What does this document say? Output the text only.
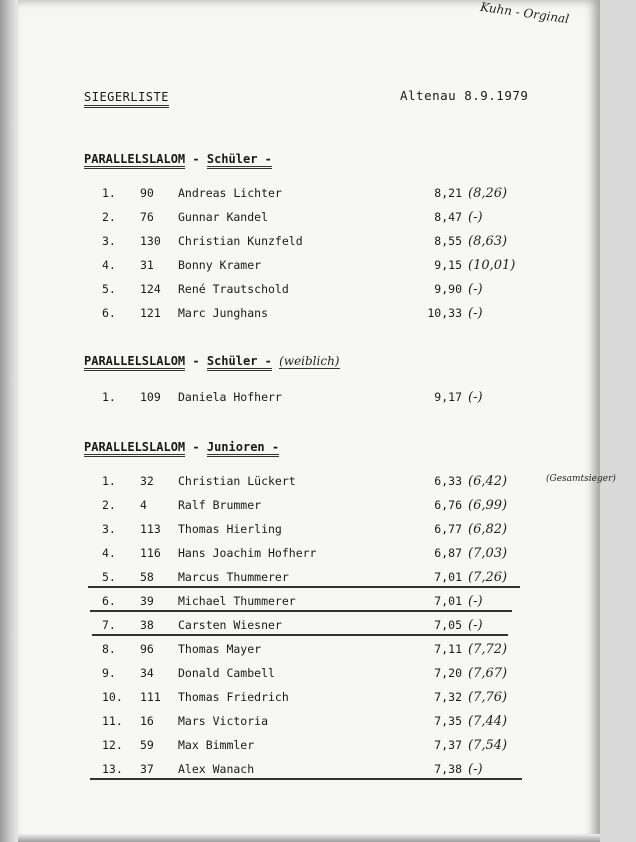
Kuhn - Orginal
SIEGERLISTE	Altenau 8.9.1979
PARALLELSLALOM - Schüler -
1.	90	Andreas Lichter	8,21 (8,26)
2.	76	Gunnar Kandel	8,47 (-)
3.	130	Christian Kunzfeld	8,55 (8,63)
4.	31	Bonny Kramer	9,15 (10,01)
5.	124	René Trautschold	9,90 (-)
6.	121	Marc Junghans	10,33 (-)
PARALLELSLALOM - Schüler - (weiblich)
1.	109	Daniela Hofherr	9,17 (-)
PARALLELSLALOM - Junioren -
1.	32	Christian Lückert	6,33 (6,42)	(Gesamtsieger)
2.	4	Ralf Brummer	6,76 (6,99)
3.	113	Thomas Hierling	6,77 (6,82)
4.	116	Hans Joachim Hofherr	6,87 (7,03)
5.	58	Marcus Thummerer	7,01 (7,26)
6.	39	Michael Thummerer	7,01 (-)
7.	38	Carsten Wiesner	7,05 (-)
8.	96	Thomas Mayer	7,11 (7,72)
9.	34	Donald Cambell	7,20 (7,67)
10.	111	Thomas Friedrich	7,32 (7,76)
11.	16	Mars Victoria	7,35 (7,44)
12.	59	Max Bimmler	7,37 (7,54)
13.	37	Alex Wanach	7,38 (-)
